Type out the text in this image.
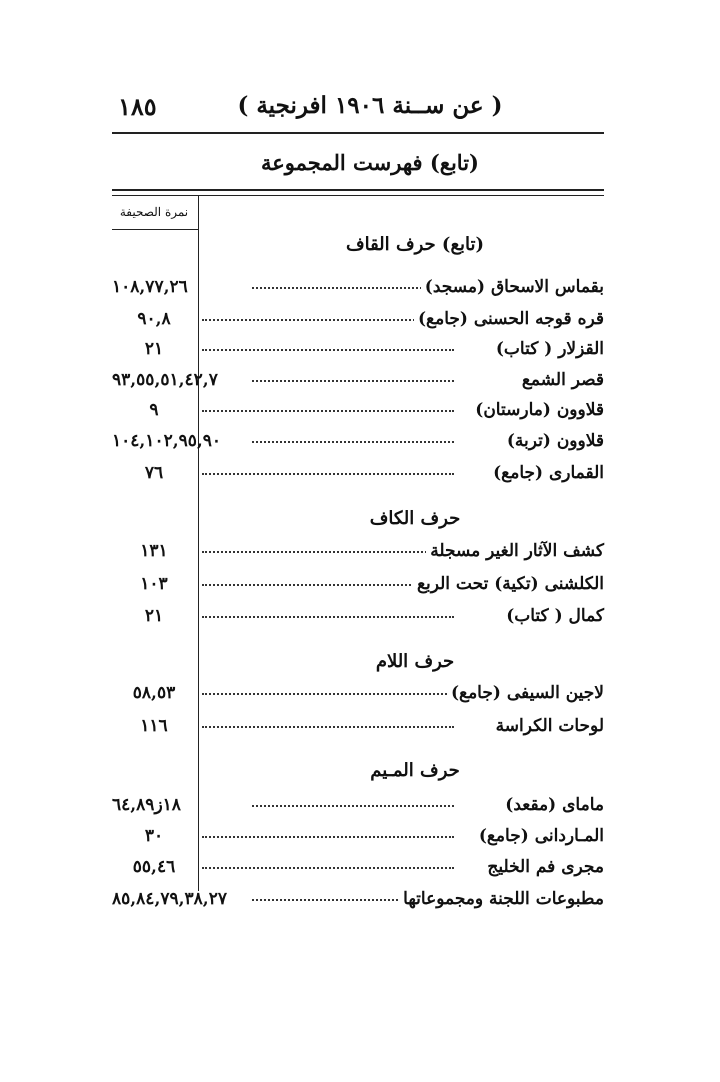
١٨٥	( عن ســنة ١٩٠٦ افرنجية )
(تابع) فهرست المجموعة
نمرة الصحيفة
(تابع) حرف القاف
بقماس الاسحاق (مسجد)
١٠٨,٧٧,٢٦
قره قوجه الحسنى (جامع)
٩٠,٨
القزلار ( كتاب)
٢١
قصر الشمع
٩٣,٥٥,٥١,٤٢,٧
قلاوون (مارستان)
٩
قلاوون (تربة)
١٠٤,١٠٢,٩٥,٩٠
القمارى (جامع)
٧٦
حرف الكاف
كشف الآثار الغير مسجلة
١٣١
الكلشنى (تكية) تحت الربع
١٠٣
كمال ( كتاب)
٢١
حرف اللام
لاجين السيفى (جامع)
٥٨,٥٣
لوحات الكراسة
١١٦
حرف المـيم
ماماى (مقعد)
١٨ز٦٤,٨٩
المـاردانى (جامع)
٣٠
مجرى فم الخليج
٥٥,٤٦
مطبوعات اللجنة ومجموعاتها
٨٥,٨٤,٧٩,٣٨,٢٧
